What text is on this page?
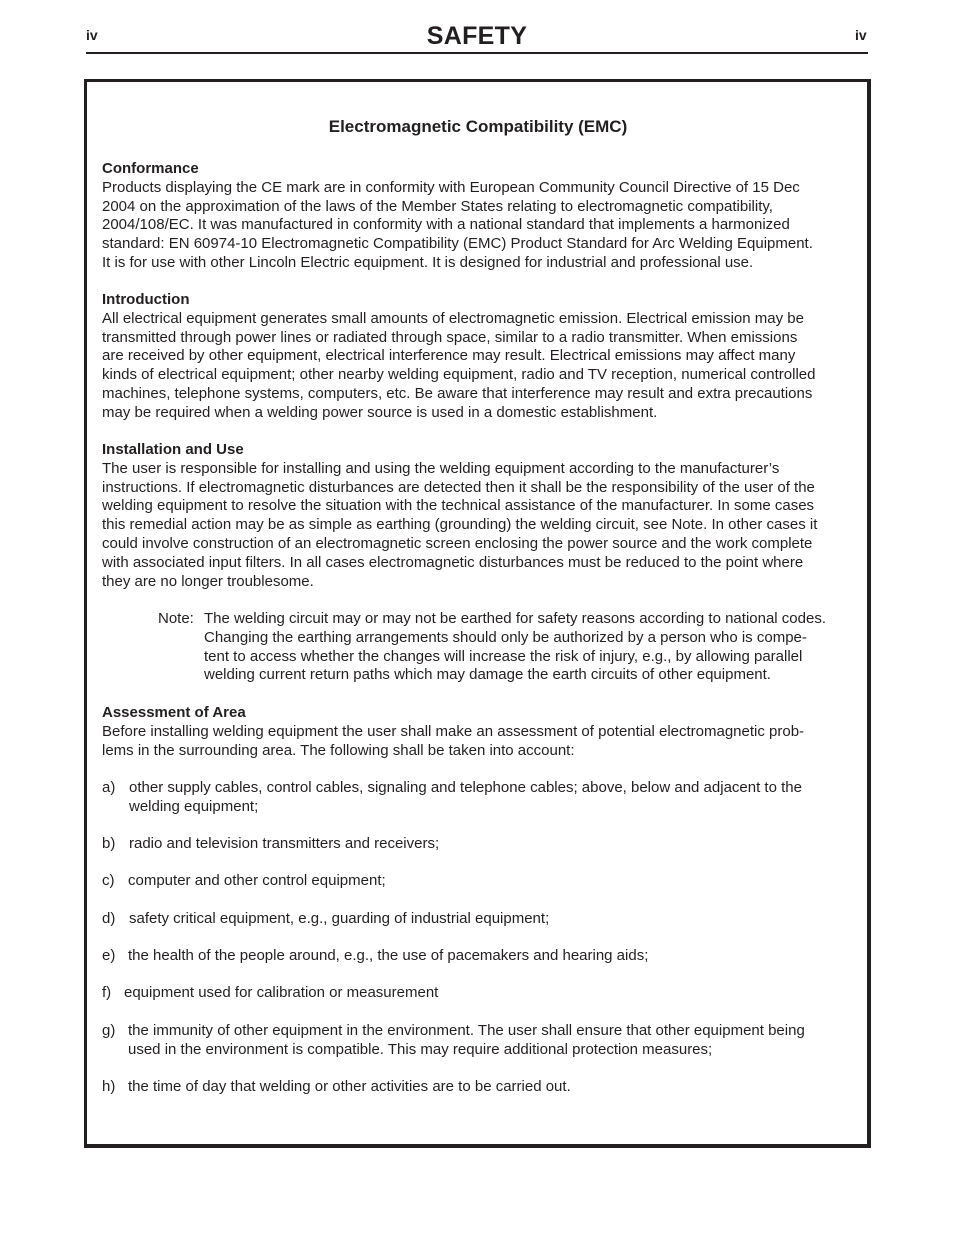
iv	SAFETY	iv
Electromagnetic Compatibility (EMC)
Conformance

Products displaying the CE mark are in conformity with European Community Council Directive of 15 Dec

2004 on the approximation of the laws of the Member States relating to electromagnetic compatibility,

2004/108/EC. It was manufactured in conformity with a national standard that implements a harmonized

standard: EN 60974-10 Electromagnetic Compatibility (EMC) Product Standard for Arc Welding Equipment.

It is for use with other Lincoln Electric equipment. It is designed for industrial and professional use.

Introduction

All electrical equipment generates small amounts of electromagnetic emission. Electrical emission may be

transmitted through power lines or radiated through space, similar to a radio transmitter. When emissions

are received by other equipment, electrical interference may result. Electrical emissions may affect many

kinds of electrical equipment; other nearby welding equipment, radio and TV reception, numerical controlled

machines, telephone systems, computers, etc. Be aware that interference may result and extra precautions

may be required when a welding power source is used in a domestic establishment.

Installation and Use

The user is responsible for installing and using the welding equipment according to the manufacturer’s

instructions. If electromagnetic disturbances are detected then it shall be the responsibility of the user of the

welding equipment to resolve the situation with the technical assistance of the manufacturer. In some cases

this remedial action may be as simple as earthing (grounding) the welding circuit, see Note. In other cases it

could involve construction of an electromagnetic screen enclosing the power source and the work complete

with associated input filters. In all cases electromagnetic disturbances must be reduced to the point where

they are no longer troublesome.

Note: The welding circuit may or may not be earthed for safety reasons according to national codes.

Changing the earthing arrangements should only be authorized by a person who is compe-

tent to access whether the changes will increase the risk of injury, e.g., by allowing parallel

welding current return paths which may damage the earth circuits of other equipment.

Assessment of Area

Before installing welding equipment the user shall make an assessment of potential electromagnetic prob-

lems in the surrounding area. The following shall be taken into account:

a) other supply cables, control cables, signaling and telephone cables; above, below and adjacent to the

welding equipment;

b) radio and television transmitters and receivers;

c) computer and other control equipment;

d) safety critical equipment, e.g., guarding of industrial equipment;

e) the health of the people around, e.g., the use of pacemakers and hearing aids;

f) equipment used for calibration or measurement

g) the immunity of other equipment in the environment. The user shall ensure that other equipment being

used in the environment is compatible. This may require additional protection measures;

h) the time of day that welding or other activities are to be carried out.
